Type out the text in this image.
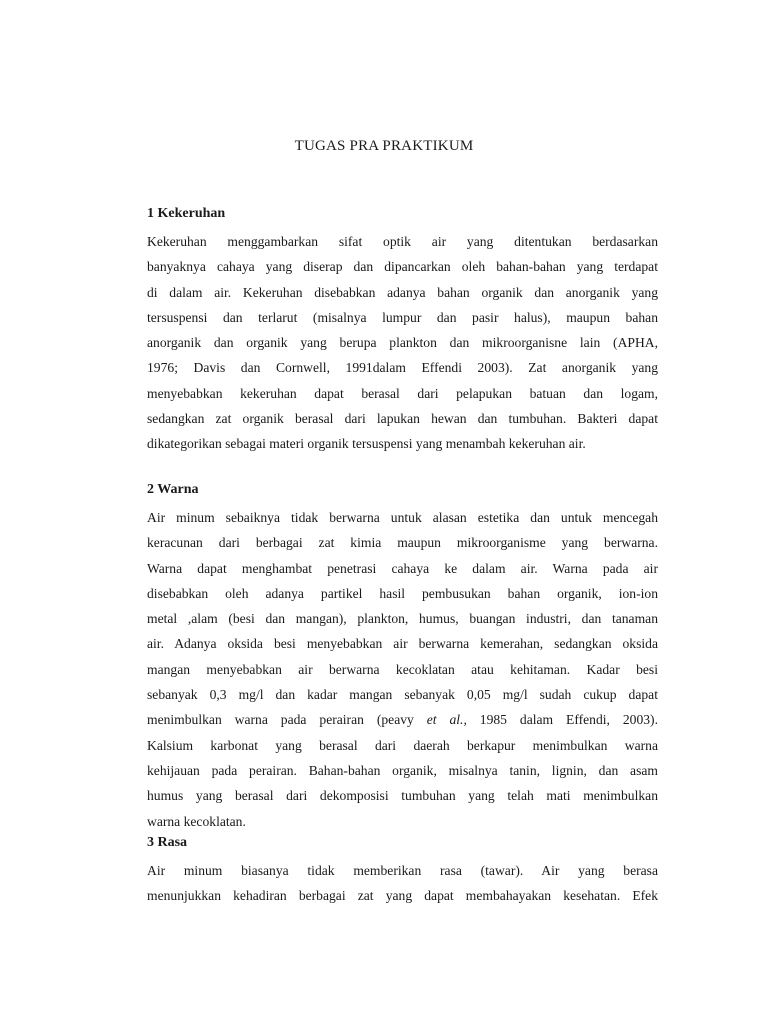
TUGAS PRA PRAKTIKUM
1 Kekeruhan
Kekeruhan menggambarkan sifat optik air yang ditentukan berdasarkan
banyaknya cahaya yang diserap dan dipancarkan oleh bahan-bahan yang terdapat
di dalam air. Kekeruhan disebabkan adanya bahan organik dan anorganik yang
tersuspensi dan terlarut (misalnya lumpur dan pasir halus), maupun bahan
anorganik dan organik yang berupa plankton dan mikroorganisne lain (APHA,
1976; Davis dan Cornwell, 1991dalam Effendi 2003). Zat anorganik yang
menyebabkan kekeruhan dapat berasal dari pelapukan batuan dan logam,
sedangkan zat organik berasal dari lapukan hewan dan tumbuhan. Bakteri dapat
dikategorikan sebagai materi organik tersuspensi yang menambah kekeruhan air.
2 Warna
Air minum sebaiknya tidak berwarna untuk alasan estetika dan untuk mencegah
keracunan dari berbagai zat kimia maupun mikroorganisme yang berwarna.
Warna dapat menghambat penetrasi cahaya ke dalam air. Warna pada air
disebabkan oleh adanya partikel hasil pembusukan bahan organik, ion-ion
metal ,alam (besi dan mangan), plankton, humus, buangan industri, dan tanaman
air. Adanya oksida besi menyebabkan air berwarna kemerahan, sedangkan oksida
mangan menyebabkan air berwarna kecoklatan atau kehitaman. Kadar besi
sebanyak 0,3 mg/l dan kadar mangan sebanyak 0,05 mg/l sudah cukup dapat
menimbulkan warna pada perairan (peavy et al., 1985 dalam Effendi, 2003).
Kalsium karbonat yang berasal dari daerah berkapur menimbulkan warna
kehijauan pada perairan. Bahan-bahan organik, misalnya tanin, lignin, dan asam
humus yang berasal dari dekomposisi tumbuhan yang telah mati menimbulkan
warna kecoklatan.
3 Rasa
Air minum biasanya tidak memberikan rasa (tawar). Air yang berasa
menunjukkan kehadiran berbagai zat yang dapat membahayakan kesehatan. Efek
